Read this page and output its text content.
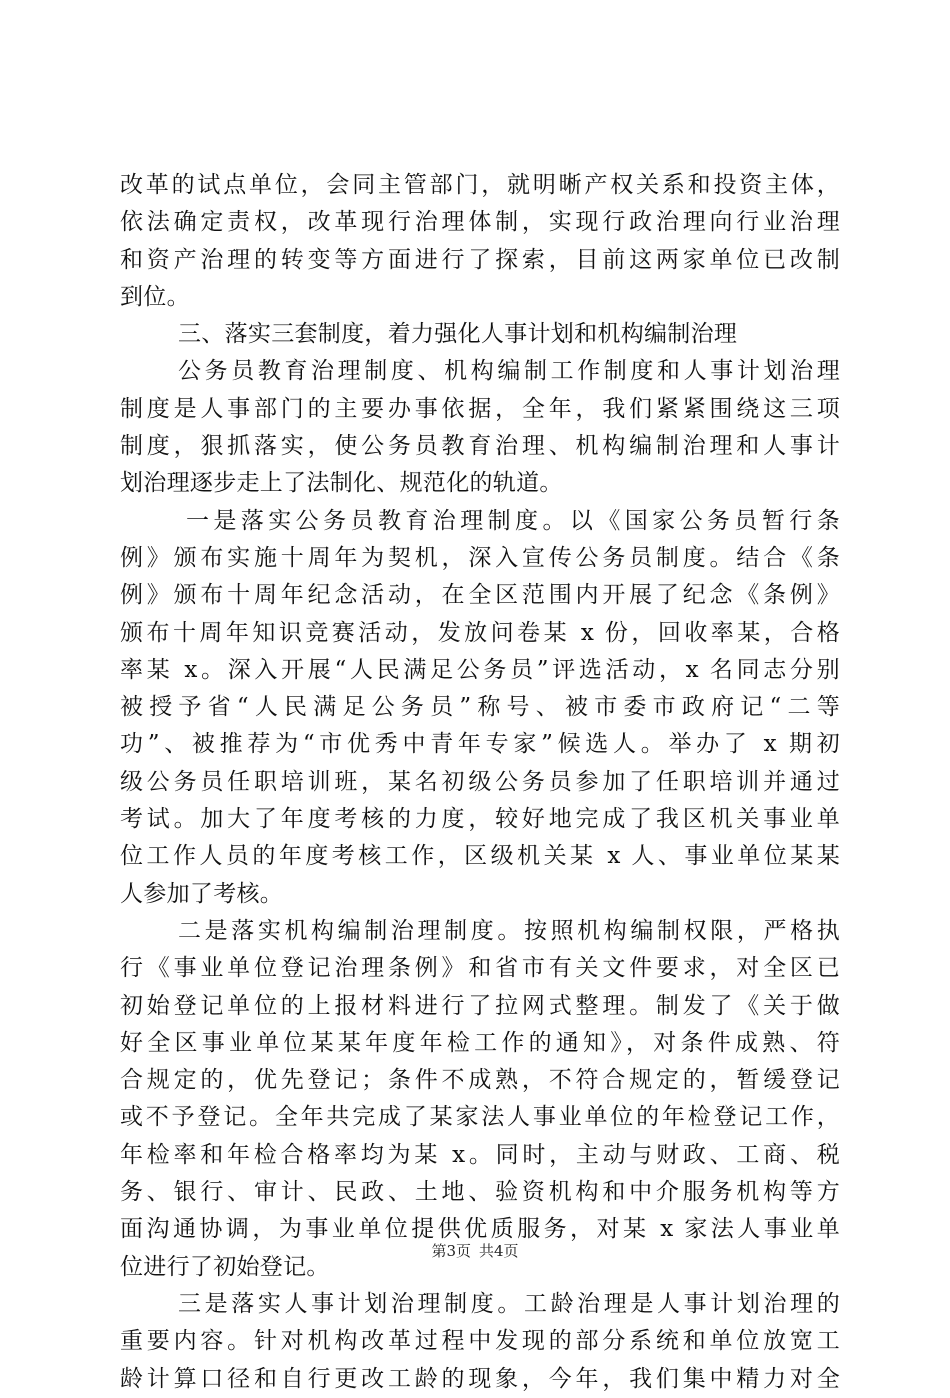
改革的试点单位，会同主管部门，就明晰产权关系和投资主体，
依法确定责权，改革现行治理体制，实现行政治理向行业治理
和资产治理的转变等方面进行了探索，目前这两家单位已改制
到位。
三、落实三套制度，着力强化人事计划和机构编制治理
公务员教育治理制度、机构编制工作制度和人事计划治理
制度是人事部门的主要办事依据，全年，我们紧紧围绕这三项
制度，狠抓落实，使公务员教育治理、机构编制治理和人事计
划治理逐步走上了法制化、规范化的轨道。
一是落实公务员教育治理制度。以《国家公务员暂行条
例》颁布实施十周年为契机，深入宣传公务员制度。结合《条
例》颁布十周年纪念活动，在全区范围内开展了纪念《条例》
颁布十周年知识竞赛活动，发放问卷某 x 份，回收率某，合格
率某 x。深入开展“人民满足公务员”评选活动，x 名同志分别
被授予省“人民满足公务员”称号、被市委市政府记“二等
功”、被推荐为“市优秀中青年专家”候选人。举办了 x 期初
级公务员任职培训班，某名初级公务员参加了任职培训并通过
考试。加大了年度考核的力度，较好地完成了我区机关事业单
位工作人员的年度考核工作，区级机关某 x 人、事业单位某某
人参加了考核。
二是落实机构编制治理制度。按照机构编制权限，严格执
行《事业单位登记治理条例》和省市有关文件要求，对全区已
初始登记单位的上报材料进行了拉网式整理。制发了《关于做
好全区事业单位某某年度年检工作的通知》，对条件成熟、符
合规定的，优先登记；条件不成熟，不符合规定的，暂缓登记
或不予登记。全年共完成了某家法人事业单位的年检登记工作，
年检率和年检合格率均为某 x。同时，主动与财政、工商、税
务、银行、审计、民政、土地、验资机构和中介服务机构等方
面沟通协调，为事业单位提供优质服务，对某 x 家法人事业单
位进行了初始登记。
三是落实人事计划治理制度。工龄治理是人事计划治理的
重要内容。针对机构改革过程中发现的部分系统和单位放宽工
龄计算口径和自行更改工龄的现象，今年，我们集中精力对全
第3页 共4页
